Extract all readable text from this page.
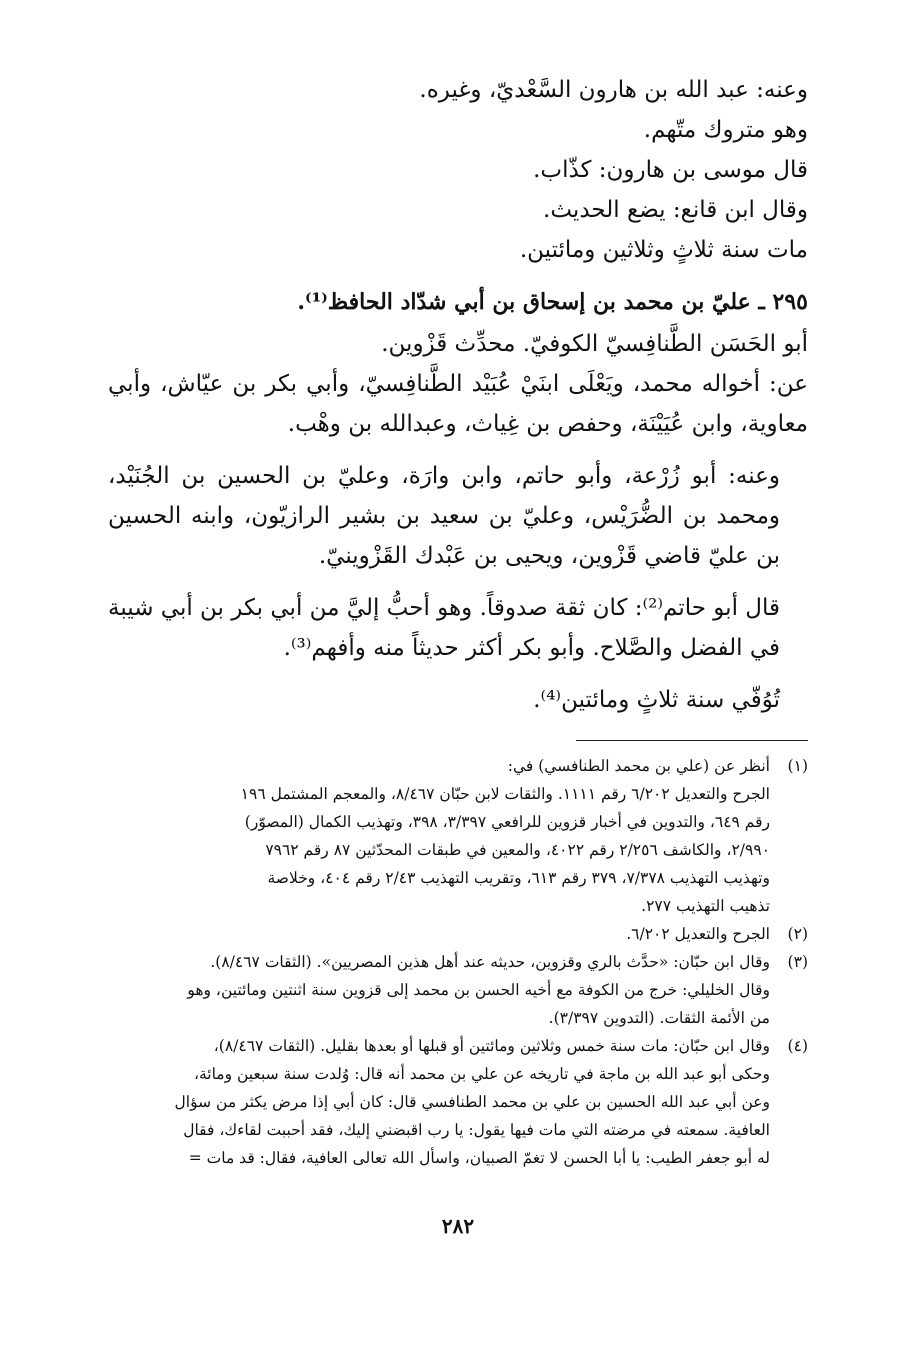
وعنه: عبد الله بن هارون السَّعْديّ، وغيره.
وهو متروك متّهم.
قال موسى بن هارون: كذّاب.
وقال ابن قانع: يضع الحديث.
مات سنة ثلاثٍ وثلاثين ومائتين.
٢٩٥ ـ عليّ بن محمد بن إسحاق بن أبي شدّاد الحافظ⁽¹⁾.
أبو الحَسَن الطَّنافِسيّ الكوفيّ. محدِّث قَزْوين.
عن: أخواله محمد، ويَعْلَى ابنَيْ عُبَيْد الطَّنافِسيّ، وأبي بكر بن عيّاش، وأبي معاوية، وابن عُيَيْنَة، وحفص بن غِياث، وعبدالله بن وهْب.
وعنه: أبو زُرْعة، وأبو حاتم، وابن وارَة، وعليّ بن الحسين بن الجُنَيْد، ومحمد بن الضُّرَيْس، وعليّ بن سعيد بن بشير الرازيّون، وابنه الحسين بن عليّ قاضي قَزْوين، ويحيى بن عَبْدك القَزْوينيّ.
قال أبو حاتم⁽²⁾: كان ثقة صدوقاً. وهو أحبُّ إليَّ من أبي بكر بن أبي شيبة في الفضل والصَّلاح. وأبو بكر أكثر حديثاً منه وأفهم⁽³⁾.
تُوُفّي سنة ثلاثٍ ومائتين⁽⁴⁾.
(١)
أنظر عن (علي بن محمد الطنافسي) في:
الجرح والتعديل ٦/٢٠٢ رقم ١١١١. والثقات لابن حبّان ٨/٤٦٧، والمعجم المشتمل ١٩٦
رقم ٦٤٩، والتدوين في أخبار قزوين للرافعي ٣/٣٩٧، ٣٩٨، وتهذيب الكمال (المصوّر)
٢/٩٩٠، والكاشف ٢/٢٥٦ رقم ٤٠٢٢، والمعين في طبقات المحدّثين ٨٧ رقم ٧٩٦٢
وتهذيب التهذيب ٧/٣٧٨، ٣٧٩ رقم ٦١٣، وتقريب التهذيب ٢/٤٣ رقم ٤٠٤، وخلاصة
تذهيب التهذيب ٢٧٧.
(٢)
الجرح والتعديل ٦/٢٠٢.
(٣)
وقال ابن حبّان: «حدَّث بالري وقزوين، حديثه عند أهل هذين المصريين». (الثقات ٨/٤٦٧).
وقال الخليلي: خرج من الكوفة مع أخيه الحسن بن محمد إلى قزوين سنة اثنتين ومائتين، وهو
من الأئمة الثقات. (التدوين ٣/٣٩٧).
(٤)
وقال ابن حبّان: مات سنة خمس وثلاثين ومائتين أو قبلها أو بعدها بقليل. (الثقات ٨/٤٦٧)،
وحكى أبو عبد الله بن ماجة في تاريخه عن علي بن محمد أنه قال: وُلدت سنة سبعين ومائة،
وعن أبي عبد الله الحسين بن علي بن محمد الطنافسي قال: كان أبي إذا مرض يكثر من سؤال
العافية. سمعته في مرضته التي مات فيها يقول: يا رب اقبضني إليك، فقد أحببت لقاءك، فقال
له أبو جعفر الطيب: يا أبا الحسن لا تغمّ الصبيان، واسأل الله تعالى العافية، فقال: قد مات =
٢٨٢
